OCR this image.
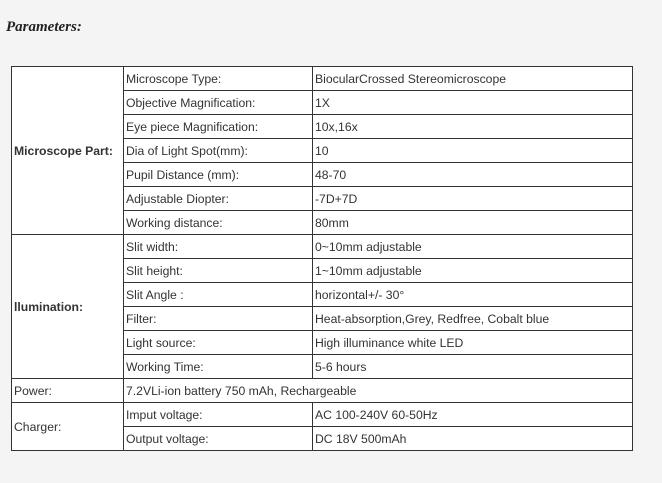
Parameters:

Microscope Part:	Microscope Type:	BiocularCrossed Stereomicroscope
	Objective Magnification:	1X
	Eye piece Magnification:	10x,16x
	Dia of Light Spot(mm):	10
	Pupil Distance (mm):	48-70
	Adjustable Diopter:	-7D+7D
	Working distance:	80mm
llumination:	Slit width:	0~10mm adjustable
	Slit height:	1~10mm adjustable
	Slit Angle :	horizontal+/- 30°
	Filter:	Heat-absorption,Grey, Redfree, Cobalt blue
	Light source:	High illuminance white LED
	Working Time:	5-6 hours
Power:	7.2VLi-ion battery 750 mAh, Rechargeable	
Charger:	Imput voltage:	AC 100-240V 60-50Hz
	Output voltage:	DC 18V 500mAh
